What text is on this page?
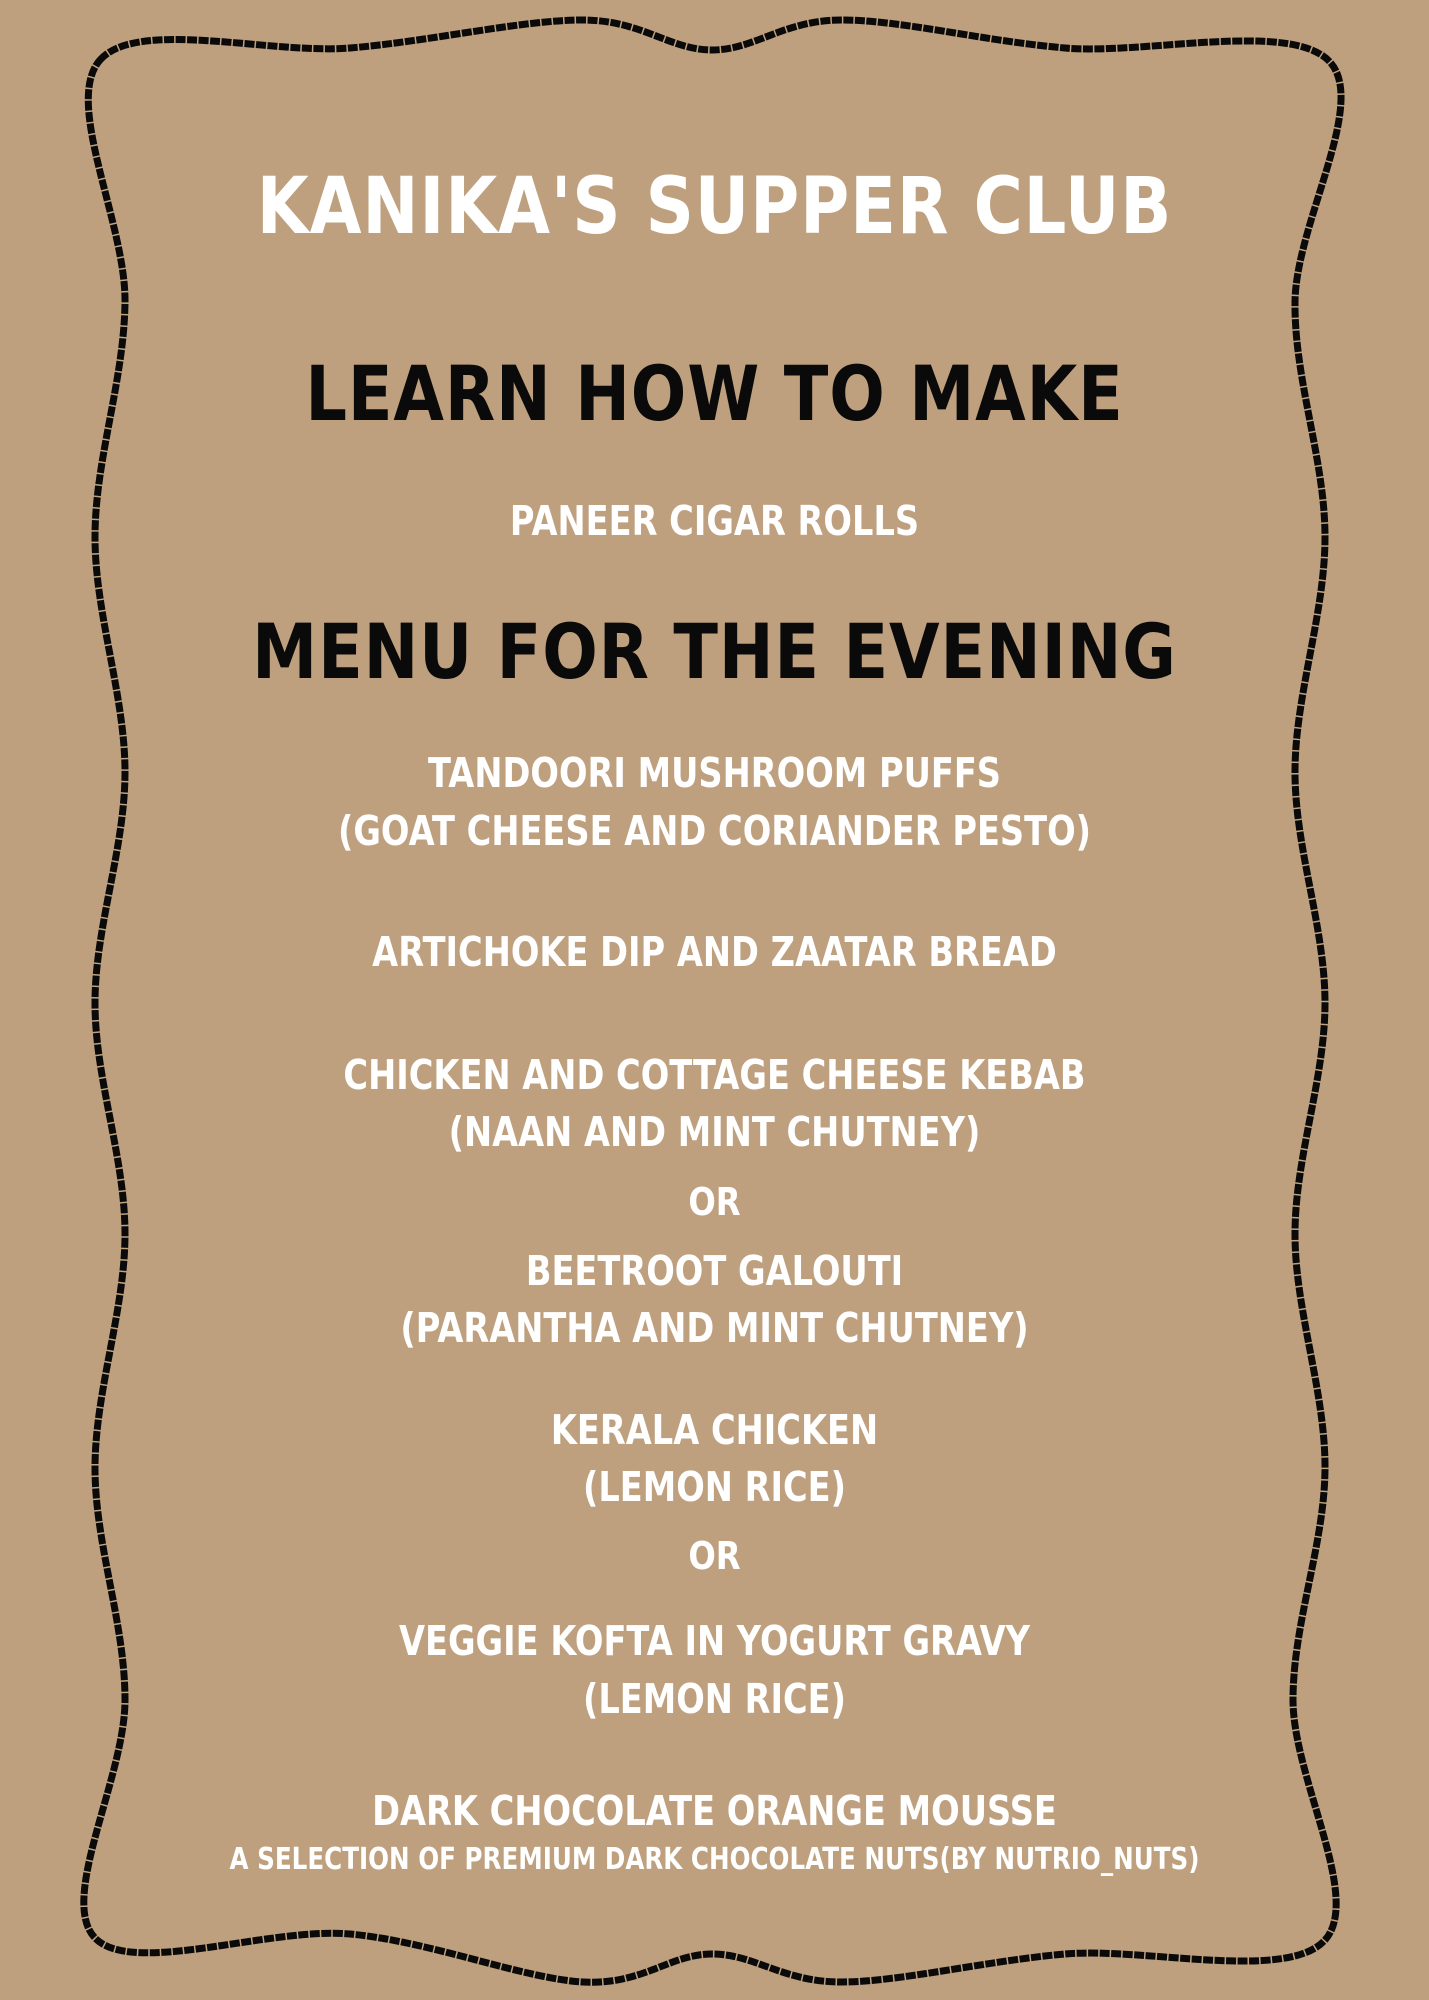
KANIKA'S SUPPER CLUB
LEARN HOW TO MAKE
PANEER CIGAR ROLLS
MENU FOR THE EVENING
TANDOORI MUSHROOM PUFFS
(GOAT CHEESE AND CORIANDER PESTO)
ARTICHOKE DIP AND ZAATAR BREAD
CHICKEN AND COTTAGE CHEESE KEBAB
(NAAN AND MINT CHUTNEY)
OR
BEETROOT GALOUTI
(PARANTHA AND MINT CHUTNEY)
KERALA CHICKEN
(LEMON RICE)
OR
VEGGIE KOFTA IN YOGURT GRAVY
(LEMON RICE)
DARK CHOCOLATE ORANGE MOUSSE
A SELECTION OF PREMIUM DARK CHOCOLATE NUTS(BY NUTRIO_NUTS)
